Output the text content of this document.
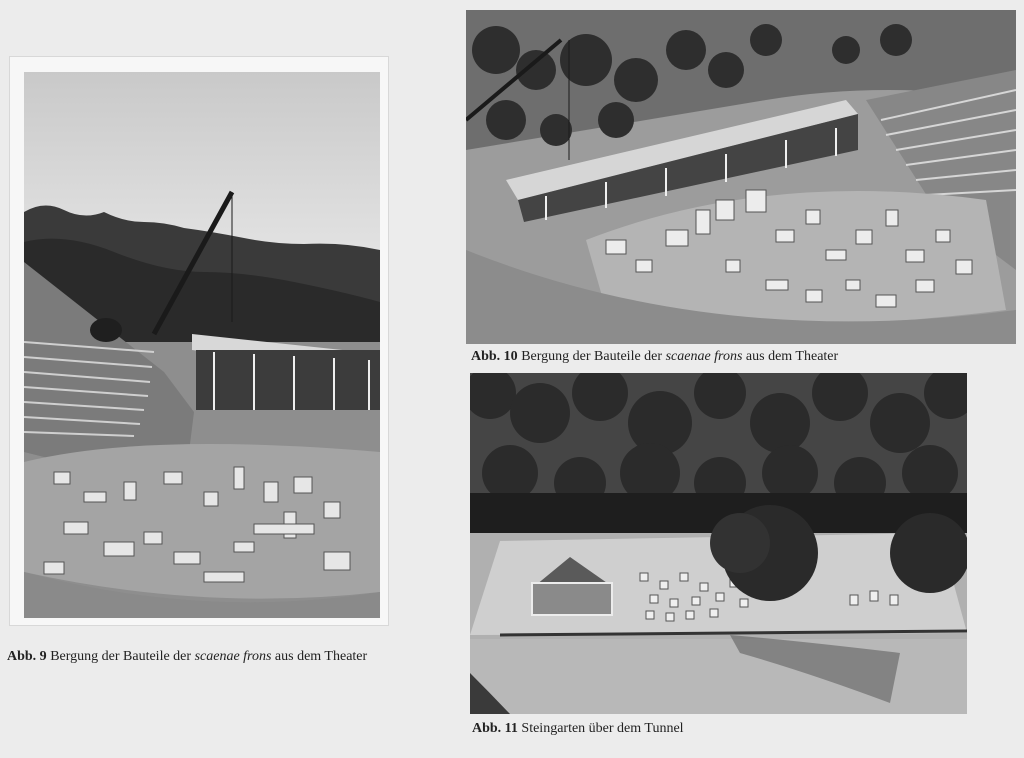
Abb. 9 Bergung der Bauteile der scaenae frons aus dem Theater
Abb. 10 Bergung der Bauteile der scaenae frons aus dem Theater
Abb. 11 Steingarten über dem Tunnel
